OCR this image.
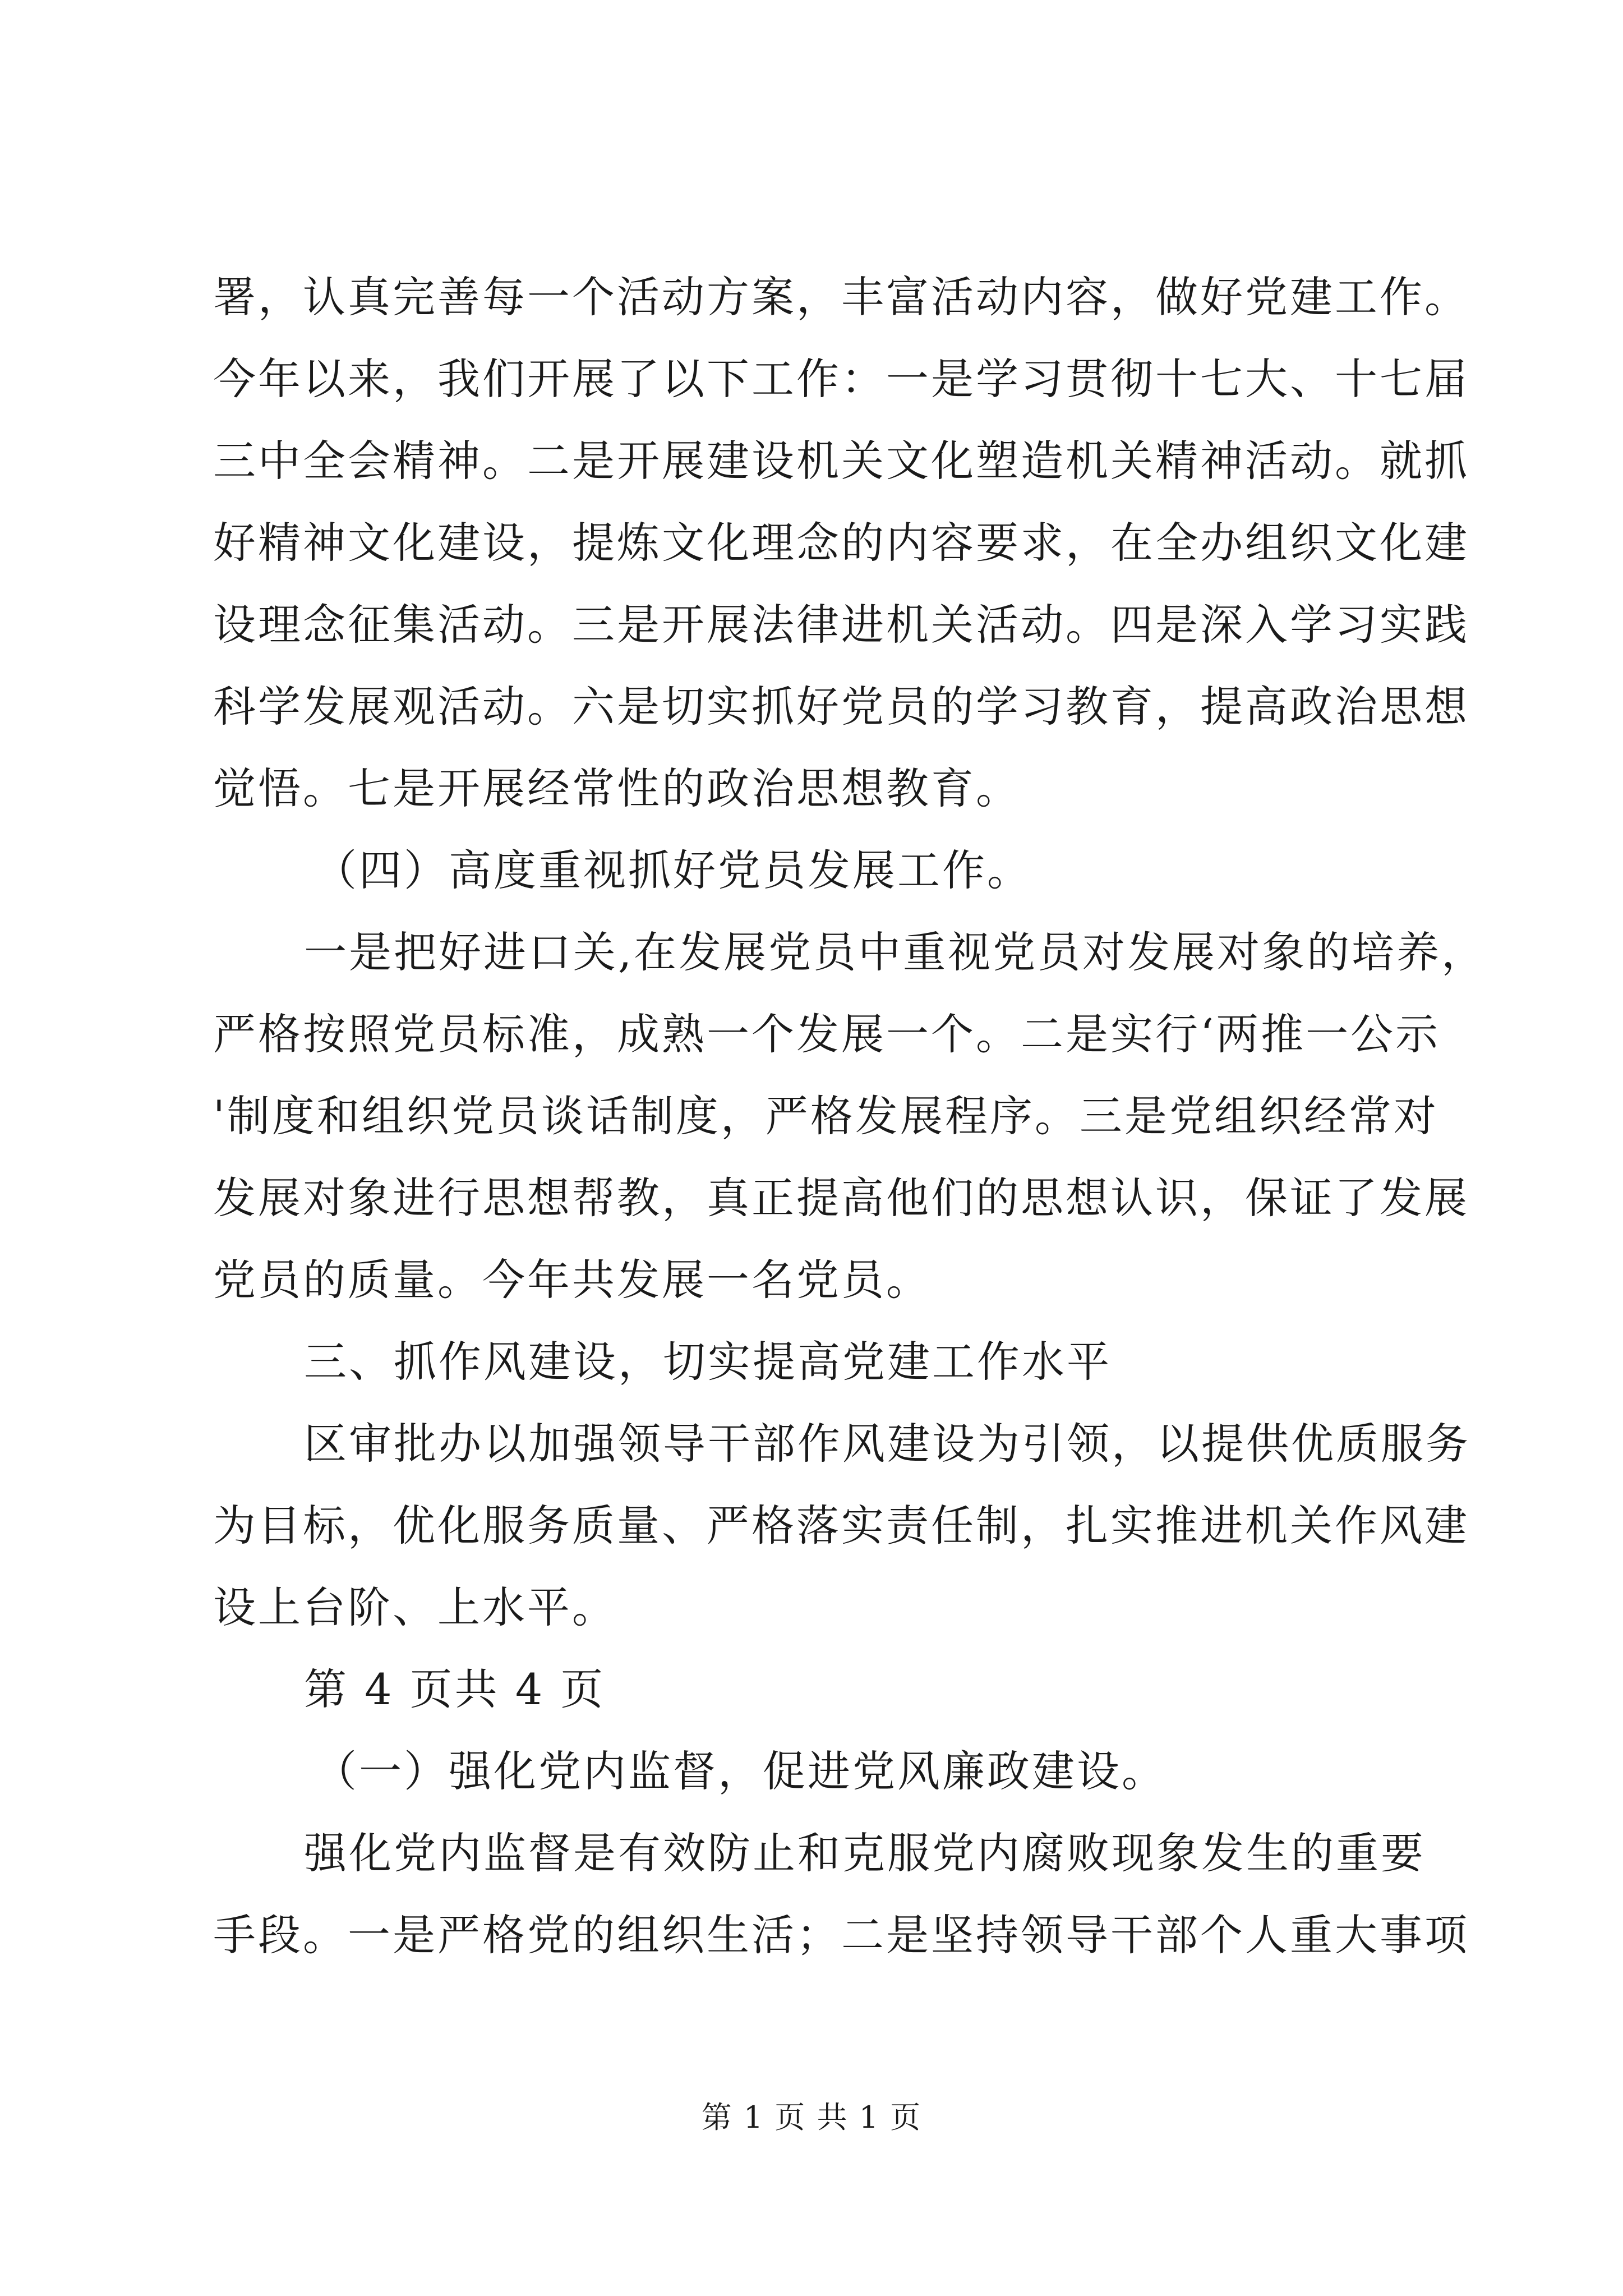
署，认真完善每一个活动方案，丰富活动内容，做好党建工作。
今年以来，我们开展了以下工作：一是学习贯彻十七大、十七届
三中全会精神。二是开展建设机关文化塑造机关精神活动。就抓
好精神文化建设，提炼文化理念的内容要求，在全办组织文化建
设理念征集活动。三是开展法律进机关活动。四是深入学习实践
科学发展观活动。六是切实抓好党员的学习教育，提高政治思想
觉悟。七是开展经常性的政治思想教育。
（四）高度重视抓好党员发展工作。
一是把好进口关,在发展党员中重视党员对发展对象的培养，
严格按照党员标准，成熟一个发展一个。二是实行‘两推一公示
'制度和组织党员谈话制度，严格发展程序。三是党组织经常对
发展对象进行思想帮教，真正提高他们的思想认识，保证了发展
党员的质量。今年共发展一名党员。
三、抓作风建设，切实提高党建工作水平
区审批办以加强领导干部作风建设为引领，以提供优质服务
为目标，优化服务质量、严格落实责任制，扎实推进机关作风建
设上台阶、上水平。
第 4 页共 4 页
（一）强化党内监督，促进党风廉政建设。
强化党内监督是有效防止和克服党内腐败现象发生的重要
手段。一是严格党的组织生活；二是坚持领导干部个人重大事项
第 1 页 共 1 页
